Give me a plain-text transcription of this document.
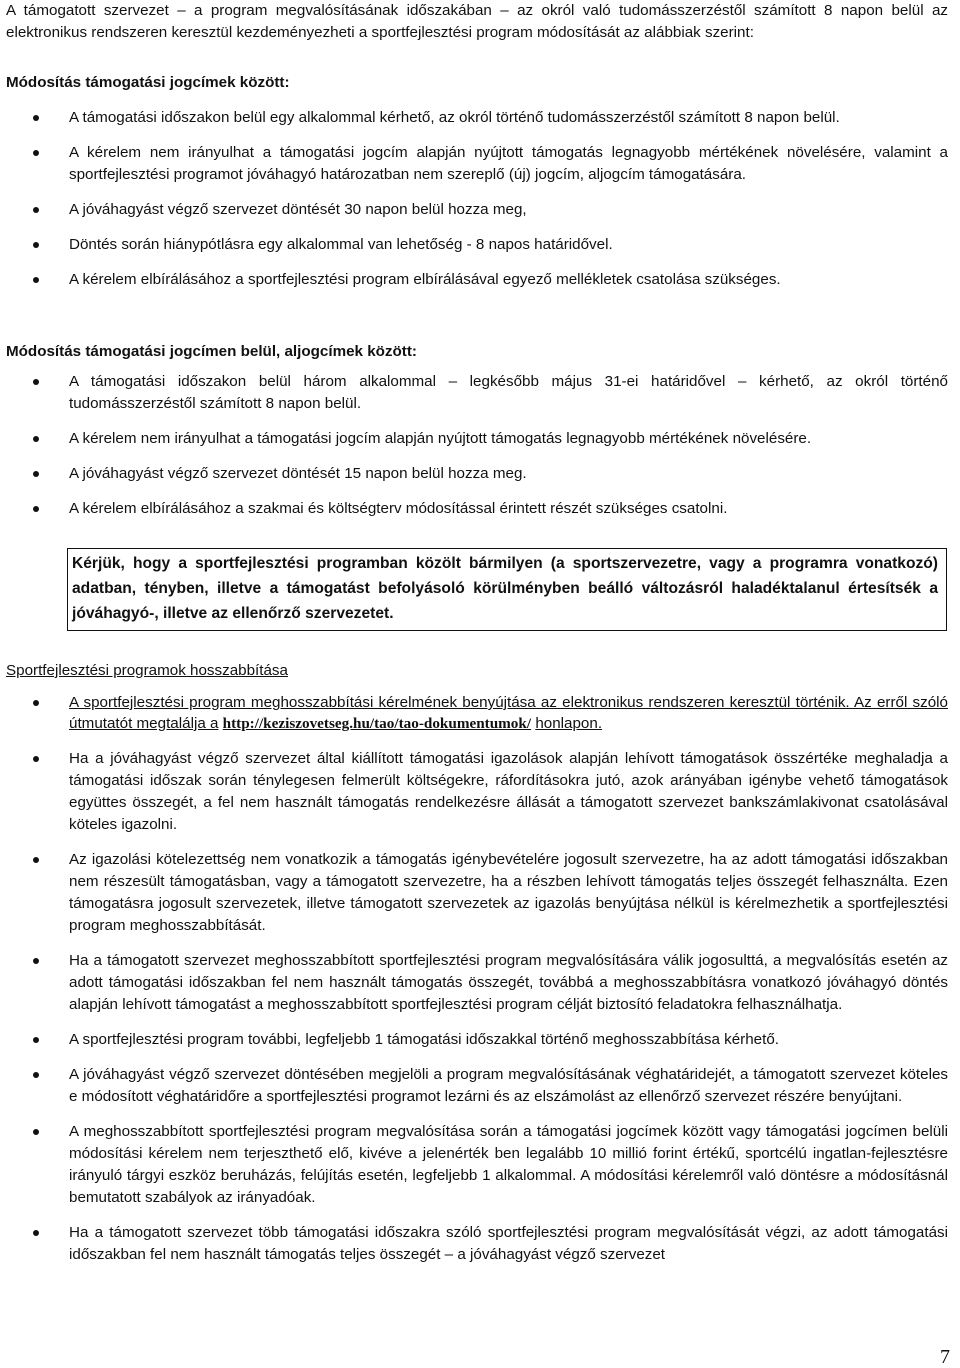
A támogatott szervezet – a program megvalósításának időszakában – az okról való tudomásszerzéstől számított 8 napon belül az elektronikus rendszeren keresztül kezdeményezheti a sportfejlesztési program módosítását az alábbiak szerint:

Módosítás támogatási jogcímek között:

A támogatási időszakon belül egy alkalommal kérhető, az okról történő tudomásszerzéstől számított 8 napon belül.
A kérelem nem irányulhat a támogatási jogcím alapján nyújtott támogatás legnagyobb mértékének növelésére, valamint a sportfejlesztési programot jóváhagyó határozatban nem szereplő (új) jogcím, aljogcím támogatására.
A jóváhagyást végző szervezet döntését 30 napon belül hozza meg,
Döntés során hiánypótlásra egy alkalommal van lehetőség - 8 napos határidővel.
A kérelem elbírálásához a sportfejlesztési program elbírálásával egyező mellékletek csatolása szükséges.

Módosítás támogatási jogcímen belül, aljogcímek között:

A támogatási időszakon belül három alkalommal – legkésőbb május 31-ei határidővel – kérhető, az okról történő tudomásszerzéstől számított 8 napon belül.
A kérelem nem irányulhat a támogatási jogcím alapján nyújtott támogatás legnagyobb mértékének növelésére.
A jóváhagyást végző szervezet döntését 15 napon belül hozza meg.
A kérelem elbírálásához a szakmai és költségterv módosítással érintett részét szükséges csatolni.
Kérjük, hogy a sportfejlesztési programban közölt bármilyen (a sportszervezetre, vagy a programra vonatkozó) adatban, tényben, illetve a támogatást befolyásoló körülményben beálló változásról haladéktalanul értesítsék a jóváhagyó-, illetve az ellenőrző szervezetet.

Sportfejlesztési programok hosszabbítása

A sportfejlesztési program meghosszabbítási kérelmének benyújtása az elektronikus rendszeren keresztül történik. Az erről szóló útmutatót megtalálja a http://keziszovetseg.hu/tao/tao-dokumentumok/ honlapon.
Ha a jóváhagyást végző szervezet által kiállított támogatási igazolások alapján lehívott támogatások összértéke meghaladja a támogatási időszak során ténylegesen felmerült költségekre, ráfordításokra jutó, azok arányában igénybe vehető támogatások együttes összegét, a fel nem használt támogatás rendelkezésre állását a támogatott szervezet bankszámlakivonat csatolásával köteles igazolni.
Az igazolási kötelezettség nem vonatkozik a támogatás igénybevételére jogosult szervezetre, ha az adott támogatási időszakban nem részesült támogatásban, vagy a támogatott szervezetre, ha a részben lehívott támogatás teljes összegét felhasználta. Ezen támogatásra jogosult szervezetek, illetve támogatott szervezetek az igazolás benyújtása nélkül is kérelmezhetik a sportfejlesztési program meghosszabbítását.
Ha a támogatott szervezet meghosszabbított sportfejlesztési program megvalósítására válik jogosulttá, a megvalósítás esetén az adott támogatási időszakban fel nem használt támogatás összegét, továbbá a meghosszabbításra vonatkozó jóváhagyó döntés alapján lehívott támogatást a meghosszabbított sportfejlesztési program célját biztosító feladatokra felhasználhatja.
A sportfejlesztési program további, legfeljebb 1 támogatási időszakkal történő meghosszabbítása kérhető.
A jóváhagyást végző szervezet döntésében megjelöli a program megvalósításának véghatáridejét, a támogatott szervezet köteles e módosított véghatáridőre a sportfejlesztési programot lezárni és az elszámolást az ellenőrző szervezet részére benyújtani.
A meghosszabbított sportfejlesztési program megvalósítása során a támogatási jogcímek között vagy támogatási jogcímen belüli módosítási kérelem nem terjeszthető elő, kivéve a jelenérték ben legalább 10 millió forint értékű, sportcélú ingatlan-fejlesztésre irányuló tárgyi eszköz beruházás, felújítás esetén, legfeljebb 1 alkalommal. A módosítási kérelemről való döntésre a módosításnál bemutatott szabályok az irányadóak.
Ha a támogatott szervezet több támogatási időszakra szóló sportfejlesztési program megvalósítását végzi, az adott támogatási időszakban fel nem használt támogatás teljes összegét – a jóváhagyást végző szervezet
7
